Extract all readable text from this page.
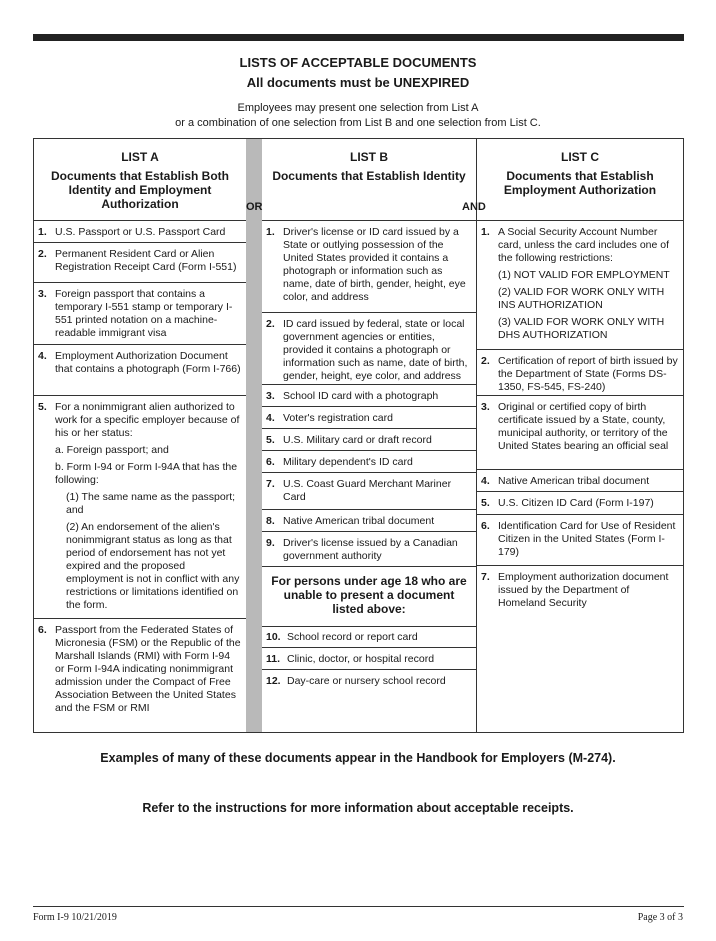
LISTS OF ACCEPTABLE DOCUMENTS
All documents must be UNEXPIRED
Employees may present one selection from List A
or a combination of one selection from List B and one selection from List C.
LIST A
Documents that Establish Both Identity and Employment Authorization
1. U.S. Passport or U.S. Passport Card
2. Permanent Resident Card or Alien Registration Receipt Card (Form I-551)
3. Foreign passport that contains a temporary I-551 stamp or temporary I-551 printed notation on a machine-readable immigrant visa
4. Employment Authorization Document that contains a photograph (Form I-766)
5. For a nonimmigrant alien authorized to work for a specific employer because of his or her status:
a. Foreign passport; and
b. Form I-94 or Form I-94A that has the following:
(1) The same name as the passport; and
(2) An endorsement of the alien's nonimmigrant status as long as that period of endorsement has not yet expired and the proposed employment is not in conflict with any restrictions or limitations identified on the form.
6. Passport from the Federated States of Micronesia (FSM) or the Republic of the Marshall Islands (RMI) with Form I-94 or Form I-94A indicating nonimmigrant admission under the Compact of Free Association Between the United States and the FSM or RMI
OR
LIST B
Documents that Establish Identity
1. Driver's license or ID card issued by a State or outlying possession of the United States provided it contains a photograph or information such as name, date of birth, gender, height, eye color, and address
2. ID card issued by federal, state or local government agencies or entities, provided it contains a photograph or information such as name, date of birth, gender, height, eye color, and address
3. School ID card with a photograph
4. Voter's registration card
5. U.S. Military card or draft record
6. Military dependent's ID card
7. U.S. Coast Guard Merchant Mariner Card
8. Native American tribal document
9. Driver's license issued by a Canadian government authority
For persons under age 18 who are unable to present a document listed above:
10. School record or report card
11. Clinic, doctor, or hospital record
12. Day-care or nursery school record
AND
LIST C
Documents that Establish Employment Authorization
1. A Social Security Account Number card, unless the card includes one of the following restrictions:
(1) NOT VALID FOR EMPLOYMENT
(2) VALID FOR WORK ONLY WITH INS AUTHORIZATION
(3) VALID FOR WORK ONLY WITH DHS AUTHORIZATION
2. Certification of report of birth issued by the Department of State (Forms DS-1350, FS-545, FS-240)
3. Original or certified copy of birth certificate issued by a State, county, municipal authority, or territory of the United States bearing an official seal
4. Native American tribal document
5. U.S. Citizen ID Card (Form I-197)
6. Identification Card for Use of Resident Citizen in the United States (Form I-179)
7. Employment authorization document issued by the Department of Homeland Security
Examples of many of these documents appear in the Handbook for Employers (M-274).
Refer to the instructions for more information about acceptable receipts.
Form I-9 10/21/2019	Page 3 of 3
